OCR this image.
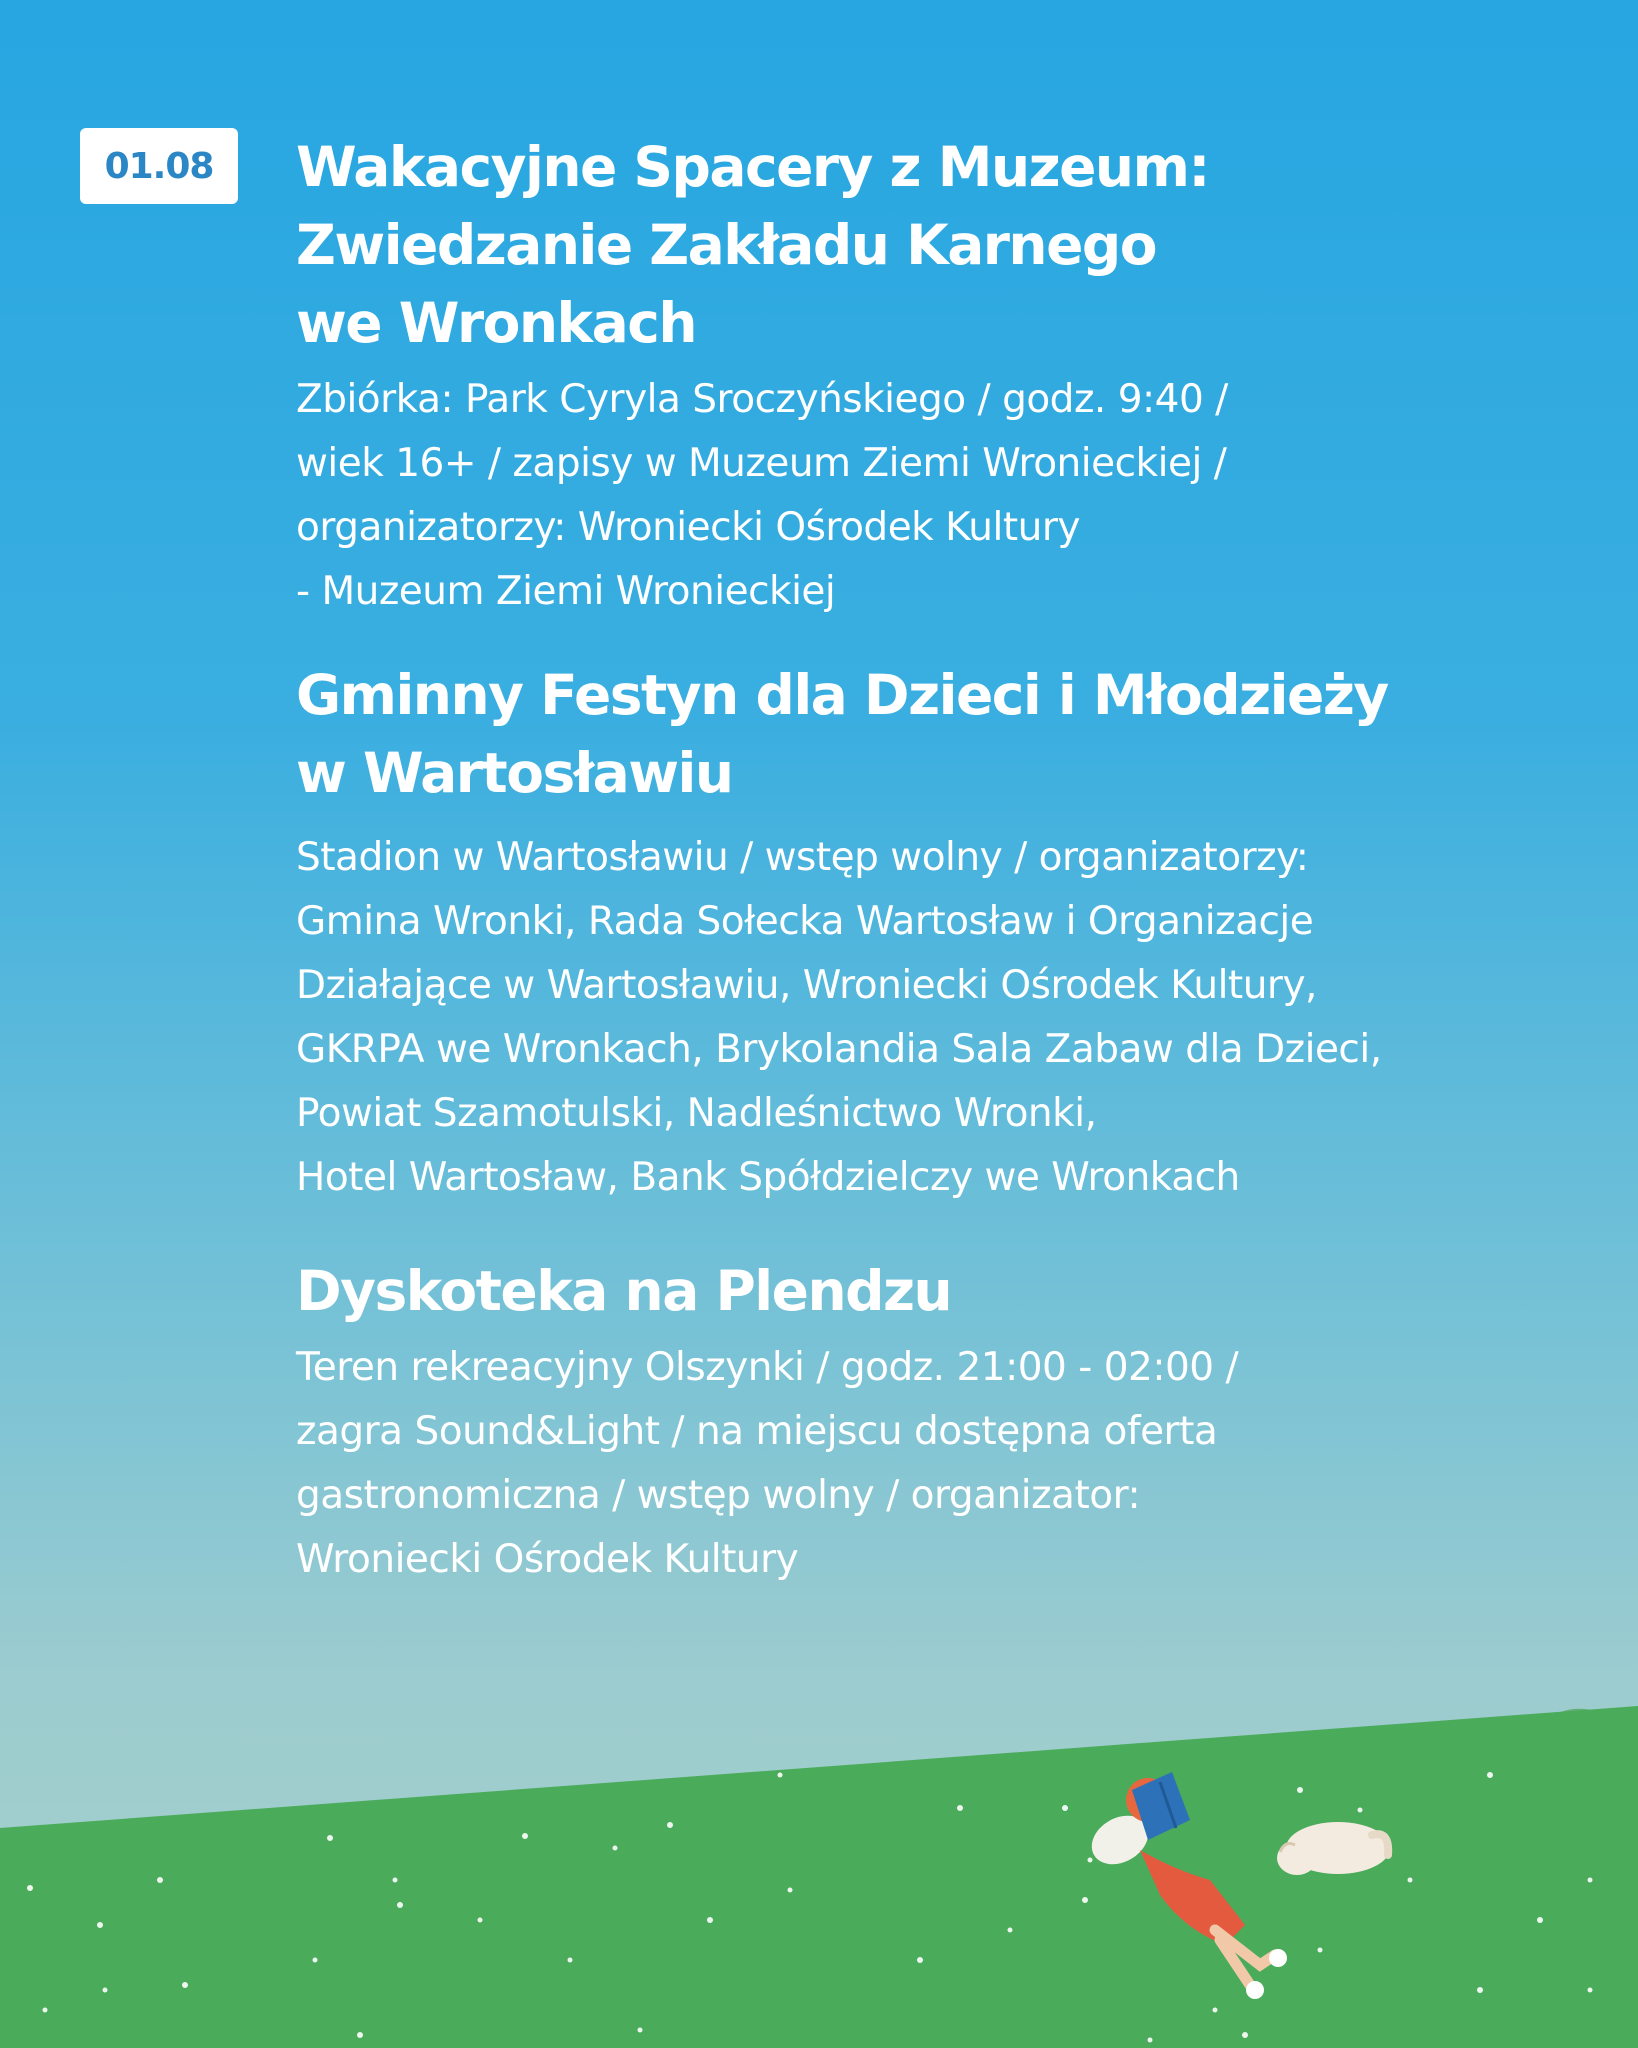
01.08	Wakacyjne Spacery z Muzeum:
Zwiedzanie Zakładu Karnego
we Wronkach

Zbiórka: Park Cyryla Sroczyńskiego / godz. 9:40 /
wiek 16+ / zapisy w Muzeum Ziemi Wronieckiej /
organizatorzy: Wroniecki Ośrodek Kultury
- Muzeum Ziemi Wronieckiej

Gminny Festyn dla Dzieci i Młodzieży
w Wartosławiu

Stadion w Wartosławiu / wstęp wolny / organizatorzy:
Gmina Wronki, Rada Sołecka Wartosław i Organizacje
Działające w Wartosławiu, Wroniecki Ośrodek Kultury,
GKRPA we Wronkach, Brykolandia Sala Zabaw dla Dzieci,
Powiat Szamotulski, Nadleśnictwo Wronki,
Hotel Wartosław, Bank Spółdzielczy we Wronkach

Dyskoteka na Plendzu

Teren rekreacyjny Olszynki / godz. 21:00 - 02:00 /
zagra Sound&Light / na miejscu dostępna oferta
gastronomiczna / wstęp wolny / organizator:
Wroniecki Ośrodek Kultury
